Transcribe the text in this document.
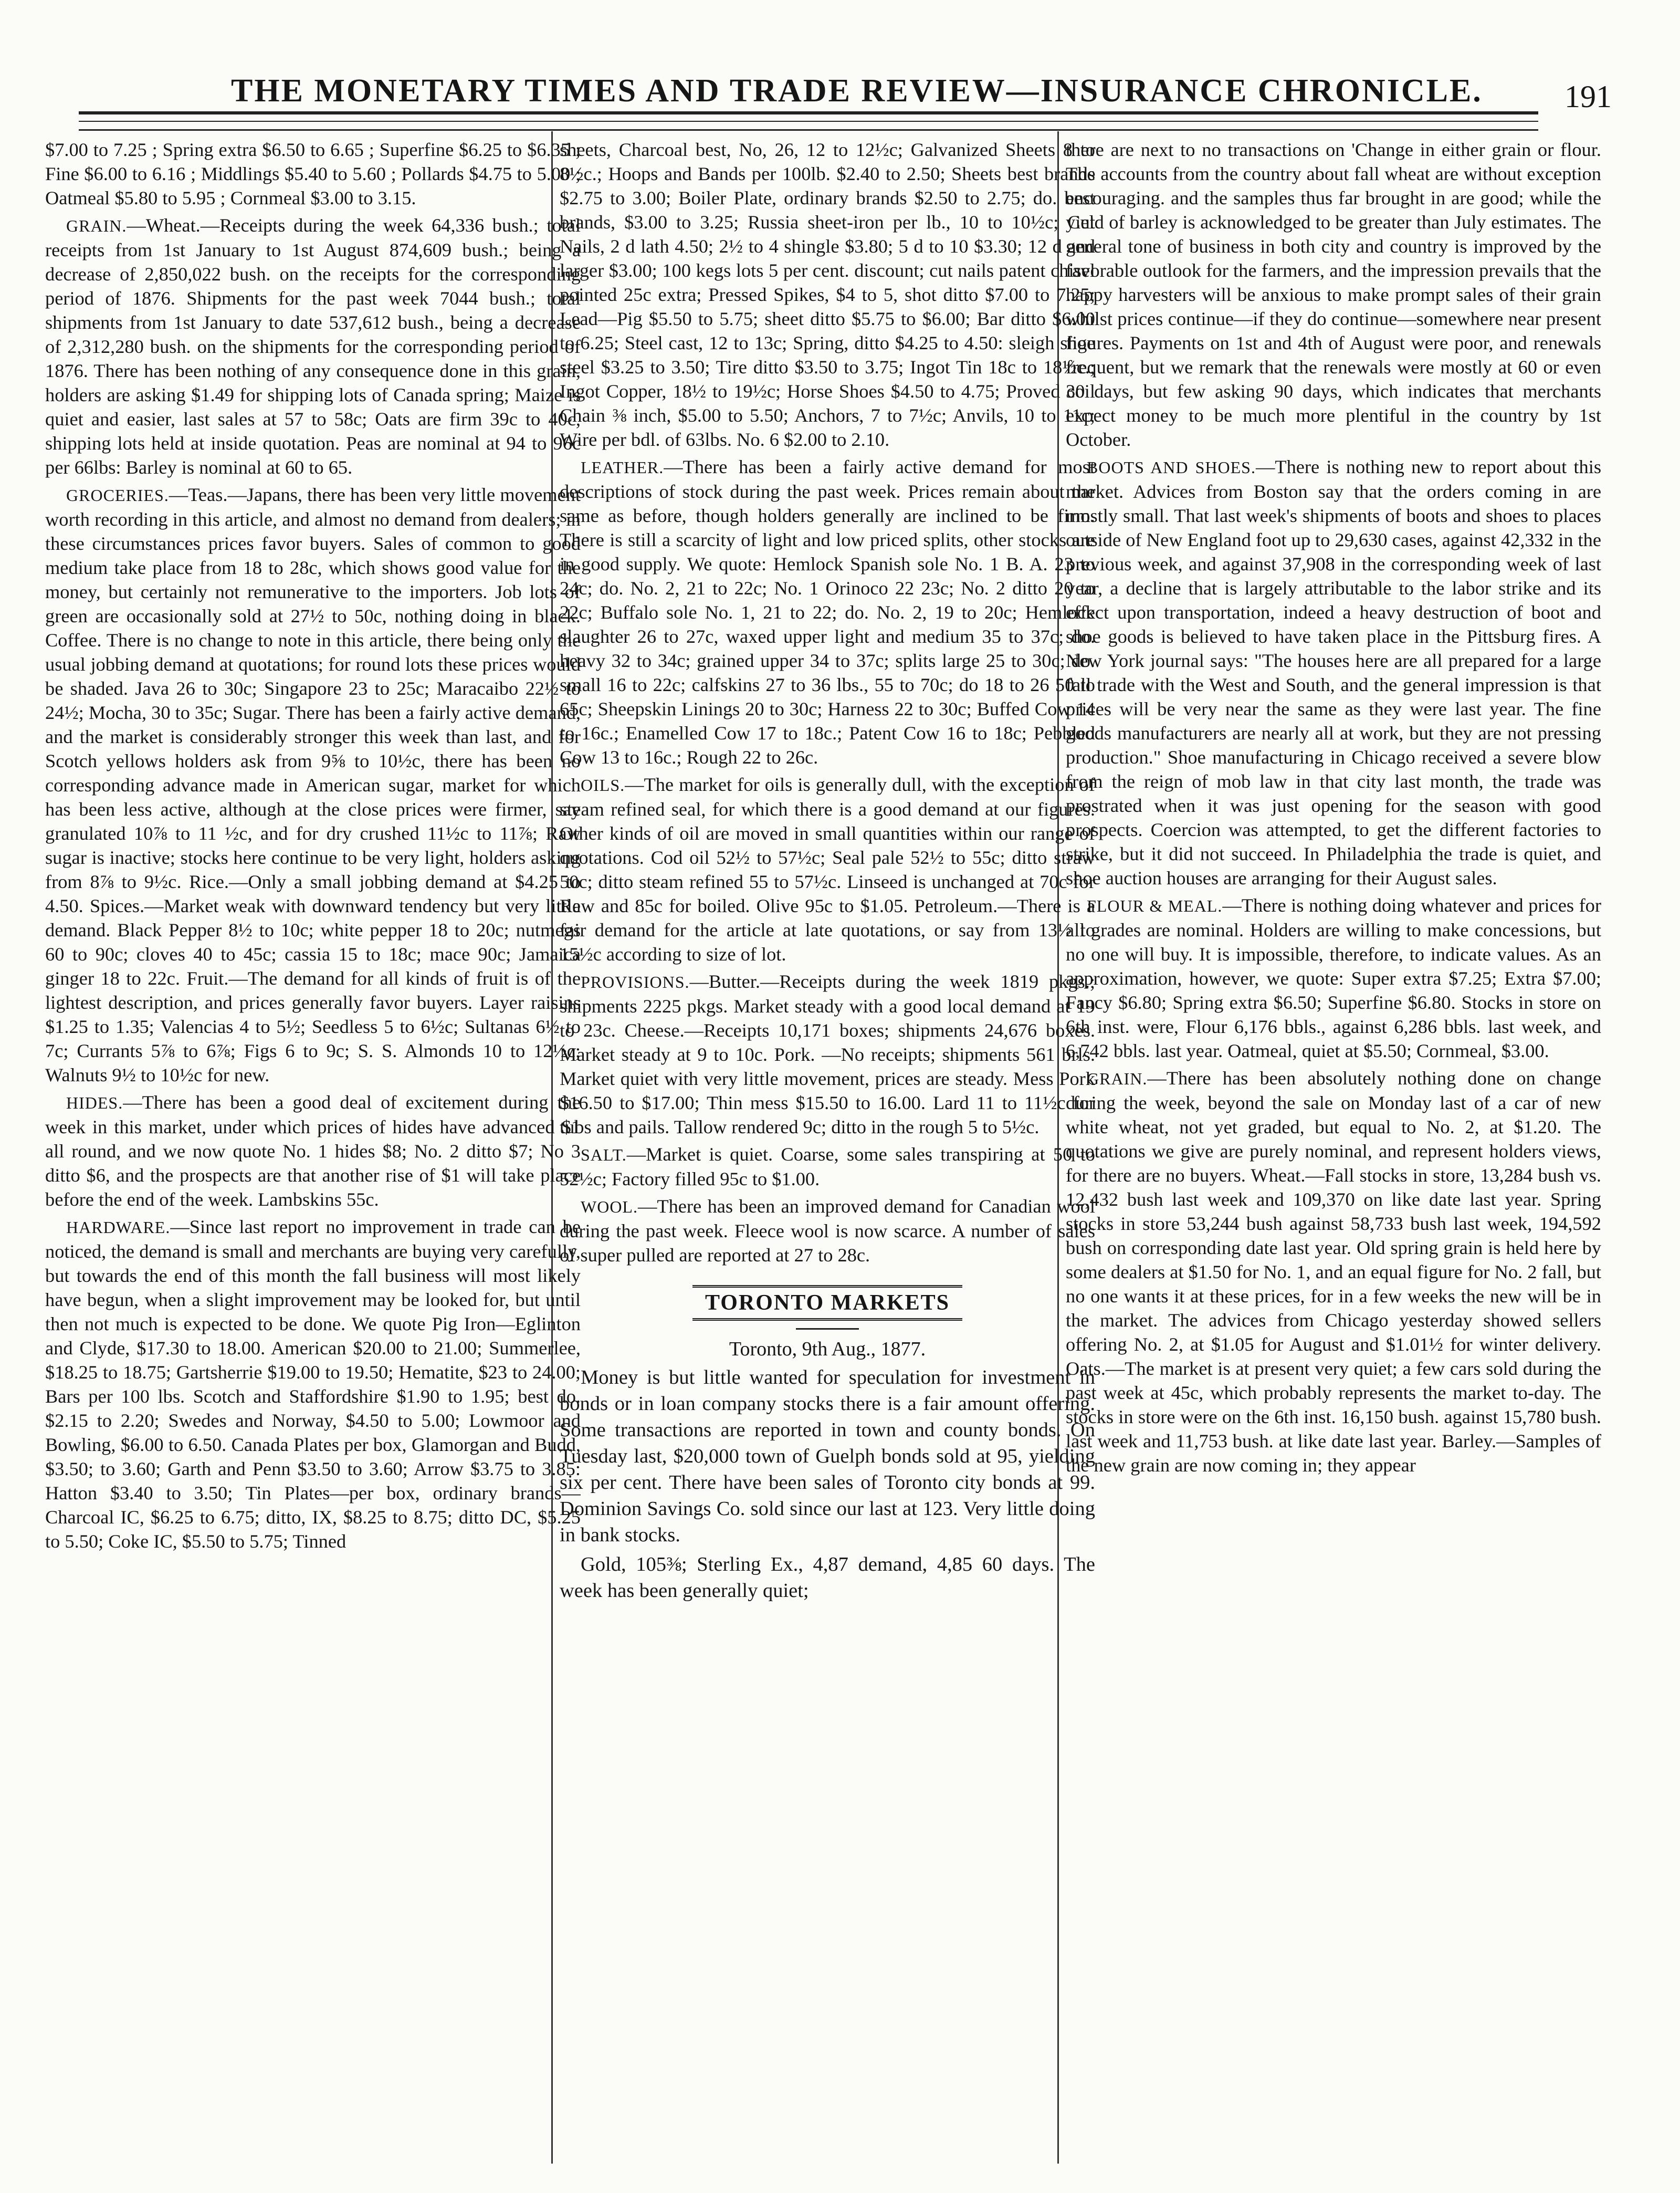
THE MONETARY TIMES AND TRADE REVIEW—INSURANCE CHRONICLE.	191

$7.00 to 7.25 ; Spring extra $6.50 to 6.65 ; Superfine $6.25 to $6.35 ; Fine $6.00 to 6.16 ; Middlings $5.40 to 5.60 ; Pollards $4.75 to 5.00 ; Oatmeal $5.80 to 5.95 ; Cornmeal $3.00 to 3.15.

GRAIN.—Wheat.—Receipts during the week 64,336 bush.; total receipts from 1st January to 1st August 874,609 bush.; being a decrease of 2,850,022 bush. on the receipts for the corresponding period of 1876. Shipments for the past week 7044 bush.; total shipments from 1st January to date 537,612 bush., being a decrease of 2,312,280 bush. on the shipments for the corresponding period of 1876. There has been nothing of any consequence done in this grain, holders are asking $1.49 for shipping lots of Canada spring; Maize is quiet and easier, last sales at 57 to 58c; Oats are firm 39c to 40c, shipping lots held at inside quotation. Peas are nominal at 94 to 96c per 66lbs: Barley is nominal at 60 to 65.

GROCERIES.—Teas.—Japans, there has been very little movement worth recording in this article, and almost no demand from dealers; in these circumstances prices favor buyers. Sales of common to good medium take place from 18 to 28c, which shows good value for the money, but certainly not remunerative to the importers. Job lots of green are occasionally sold at 27½ to 50c, nothing doing in black. Coffee. There is no change to note in this article, there being only the usual jobbing demand at quotations; for round lots these prices would be shaded. Java 26 to 30c; Singapore 23 to 25c; Maracaibo 22½ to 24½; Mocha, 30 to 35c; Sugar. There has been a fairly active demand, and the market is considerably stronger this week than last, and for Scotch yellows holders ask from 9⅝ to 10½c, there has been no corresponding advance made in American sugar, market for which has been less active, although at the close prices were firmer, say granulated 10⅞ to 11 ½c, and for dry crushed 11½c to 11⅞; Raw sugar is inactive; stocks here continue to be very light, holders asking from 8⅞ to 9½c. Rice.—Only a small jobbing demand at $4.25 to 4.50. Spices.—Market weak with downward tendency but very little demand. Black Pepper 8½ to 10c; white pepper 18 to 20c; nutmegs 60 to 90c; cloves 40 to 45c; cassia 15 to 18c; mace 90c; Jamaica ginger 18 to 22c. Fruit.—The demand for all kinds of fruit is of the lightest description, and prices generally favor buyers. Layer raisins $1.25 to 1.35; Valencias 4 to 5½; Seedless 5 to 6½c; Sultanas 6½ to 7c; Currants 5⅞ to 6⅞; Figs 6 to 9c; S. S. Almonds 10 to 12½c; Walnuts 9½ to 10½c for new.

HIDES.—There has been a good deal of excitement during the week in this market, under which prices of hides have advanced $1 all round, and we now quote No. 1 hides $8; No. 2 ditto $7; No 3 ditto $6, and the prospects are that another rise of $1 will take place before the end of the week. Lambskins 55c.

HARDWARE.—Since last report no improvement in trade can be noticed, the demand is small and merchants are buying very carefully, but towards the end of this month the fall business will most likely have begun, when a slight improvement may be looked for, but until then not much is expected to be done. We quote Pig Iron—Eglinton and Clyde, $17.30 to 18.00. American $20.00 to 21.00; Summerlee, $18.25 to 18.75; Gartsherrie $19.00 to 19.50; Hematite, $23 to 24.00; Bars per 100 lbs. Scotch and Staffordshire $1.90 to 1.95; best do. $2.15 to 2.20; Swedes and Norway, $4.50 to 5.00; Lowmoor and Bowling, $6.00 to 6.50. Canada Plates per box, Glamorgan and Budd, $3.50; to 3.60; Garth and Penn $3.50 to 3.60; Arrow $3.75 to 3.85: Hatton $3.40 to 3.50; Tin Plates—per box, ordinary brands—Charcoal IC, $6.25 to 6.75; ditto, IX, $8.25 to 8.75; ditto DC, $5.25 to 5.50; Coke IC, $5.50 to 5.75; Tinned

sheets, Charcoal best, No, 26, 12 to 12½c; Galvanized Sheets 8 to 8½c.; Hoops and Bands per 100lb. $2.40 to 2.50; Sheets best brands $2.75 to 3.00; Boiler Plate, ordinary brands $2.50 to 2.75; do. best brands, $3.00 to 3.25; Russia sheet-iron per lb., 10 to 10½c; Cut Nails, 2 d lath 4.50; 2½ to 4 shingle $3.80; 5 d to 10 $3.30; 12 d and larger $3.00; 100 kegs lots 5 per cent. discount; cut nails patent chisel pointed 25c extra; Pressed Spikes, $4 to 5, shot ditto $7.00 to 7.25; Lead—Pig $5.50 to 5.75; sheet ditto $5.75 to $6.00; Bar ditto $6.00 to 6.25; Steel cast, 12 to 13c; Spring, ditto $4.25 to 4.50: sleigh shoe steel $3.25 to 3.50; Tire ditto $3.50 to 3.75; Ingot Tin 18c to 18½c.; Ingot Copper, 18½ to 19½c; Horse Shoes $4.50 to 4.75; Proved coil Chain ⅜ inch, $5.00 to 5.50; Anchors, 7 to 7½c; Anvils, 10 to 11c; Wire per bdl. of 63lbs. No. 6 $2.00 to 2.10.

LEATHER.—There has been a fairly active demand for most descriptions of stock during the past week. Prices remain about the same as before, though holders generally are inclined to be firm. There is still a scarcity of light and low priced splits, other stocks are in good supply. We quote: Hemlock Spanish sole No. 1 B. A. 23 to 24c; do. No. 2, 21 to 22c; No. 1 Orinoco 22 23c; No. 2 ditto 20 to 22c; Buffalo sole No. 1, 21 to 22; do. No. 2, 19 to 20c; Hemlock slaughter 26 to 27c, waxed upper light and medium 35 to 37c; do. heavy 32 to 34c; grained upper 34 to 37c; splits large 25 to 30c; do. small 16 to 22c; calfskins 27 to 36 lbs., 55 to 70c; do 18 to 26 50 to 65c; Sheepskin Linings 20 to 30c; Harness 22 to 30c; Buffed Cow 14 to 16c.; Enamelled Cow 17 to 18c.; Patent Cow 16 to 18c; Pebbled Cow 13 to 16c.; Rough 22 to 26c.

OILS.—The market for oils is generally dull, with the exception of steam refined seal, for which there is a good demand at our figures. Other kinds of oil are moved in small quantities within our range of quotations. Cod oil 52½ to 57½c; Seal pale 52½ to 55c; ditto straw 50c; ditto steam refined 55 to 57½c. Linseed is unchanged at 70c for Raw and 85c for boiled. Olive 95c to $1.05. Petroleum.—There is a fair demand for the article at late quotations, or say from 13½ to 15½c according to size of lot.

PROVISIONS.—Butter.—Receipts during the week 1819 pkgs.; shipments 2225 pkgs. Market steady with a good local demand at 19 to 23c. Cheese.—Receipts 10,171 boxes; shipments 24,676 boxes. Market steady at 9 to 10c. Pork. —No receipts; shipments 561 brls. Market quiet with very little movement, prices are steady. Mess Pork $16.50 to $17.00; Thin mess $15.50 to 16.00. Lard 11 to 11½c for tubs and pails. Tallow rendered 9c; ditto in the rough 5 to 5½c.

SALT.—Market is quiet. Coarse, some sales transpiring at 50 to 52½c; Factory filled 95c to $1.00.

WOOL.—There has been an improved demand for Canadian wool during the past week. Fleece wool is now scarce. A number of sales of super pulled are reported at 27 to 28c.

TORONTO MARKETS
Toronto, 9th Aug., 1877.

Money is but little wanted for speculation for investment in bonds or in loan company stocks there is a fair amount offering. Some transactions are reported in town and county bonds. On Tuesday last, $20,000 town of Guelph bonds sold at 95, yielding six per cent. There have been sales of Toronto city bonds at 99. Dominion Savings Co. sold since our last at 123. Very little doing in bank stocks.

Gold, 105⅜; Sterling Ex., 4,87 demand, 4,85 60 days. The week has been generally quiet;

there are next to no transactions on 'Change in either grain or flour. The accounts from the country about fall wheat are without exception encouraging. and the samples thus far brought in are good; while the yield of barley is acknowledged to be greater than July estimates. The general tone of business in both city and country is improved by the favorable outlook for the farmers, and the impression prevails that the happy harvesters will be anxious to make prompt sales of their grain whilst prices continue—if they do continue—somewhere near present figures. Payments on 1st and 4th of August were poor, and renewals frequent, but we remark that the renewals were mostly at 60 or even 30 days, but few asking 90 days, which indicates that merchants expect money to be much more plentiful in the country by 1st October.

BOOTS AND SHOES.—There is nothing new to report about this market. Advices from Boston say that the orders coming in are mostly small. That last week's shipments of boots and shoes to places outside of New England foot up to 29,630 cases, against 42,332 in the previous week, and against 37,908 in the corresponding week of last year, a decline that is largely attributable to the labor strike and its effect upon transportation, indeed a heavy destruction of boot and shoe goods is believed to have taken place in the Pittsburg fires. A New York journal says: "The houses here are all prepared for a large fall trade with the West and South, and the general impression is that prices will be very near the same as they were last year. The fine goods manufacturers are nearly all at work, but they are not pressing production." Shoe manufacturing in Chicago received a severe blow from the reign of mob law in that city last month, the trade was prostrated when it was just opening for the season with good prospects. Coercion was attempted, to get the different factories to strike, but it did not succeed. In Philadelphia the trade is quiet, and shoe auction houses are arranging for their August sales.

FLOUR & MEAL.—There is nothing doing whatever and prices for all grades are nominal. Holders are willing to make concessions, but no one will buy. It is impossible, therefore, to indicate values. As an approximation, however, we quote: Super extra $7.25; Extra $7.00; Fancy $6.80; Spring extra $6.50; Superfine $6.80. Stocks in store on 6th inst. were, Flour 6,176 bbls., against 6,286 bbls. last week, and 6,742 bbls. last year. Oatmeal, quiet at $5.50; Cornmeal, $3.00.

GRAIN.—There has been absolutely nothing done on change during the week, beyond the sale on Monday last of a car of new white wheat, not yet graded, but equal to No. 2, at $1.20. The quotations we give are purely nominal, and represent holders views, for there are no buyers. Wheat.—Fall stocks in store, 13,284 bush vs. 12,432 bush last week and 109,370 on like date last year. Spring stocks in store 53,244 bush against 58,733 bush last week, 194,592 bush on corresponding date last year. Old spring grain is held here by some dealers at $1.50 for No. 1, and an equal figure for No. 2 fall, but no one wants it at these prices, for in a few weeks the new will be in the market. The advices from Chicago yesterday showed sellers offering No. 2, at $1.05 for August and $1.01½ for winter delivery. Oats.—The market is at present very quiet; a few cars sold during the past week at 45c, which probably represents the market to-day. The stocks in store were on the 6th inst. 16,150 bush. against 15,780 bush. last week and 11,753 bush. at like date last year. Barley.—Samples of the new grain are now coming in; they appear
